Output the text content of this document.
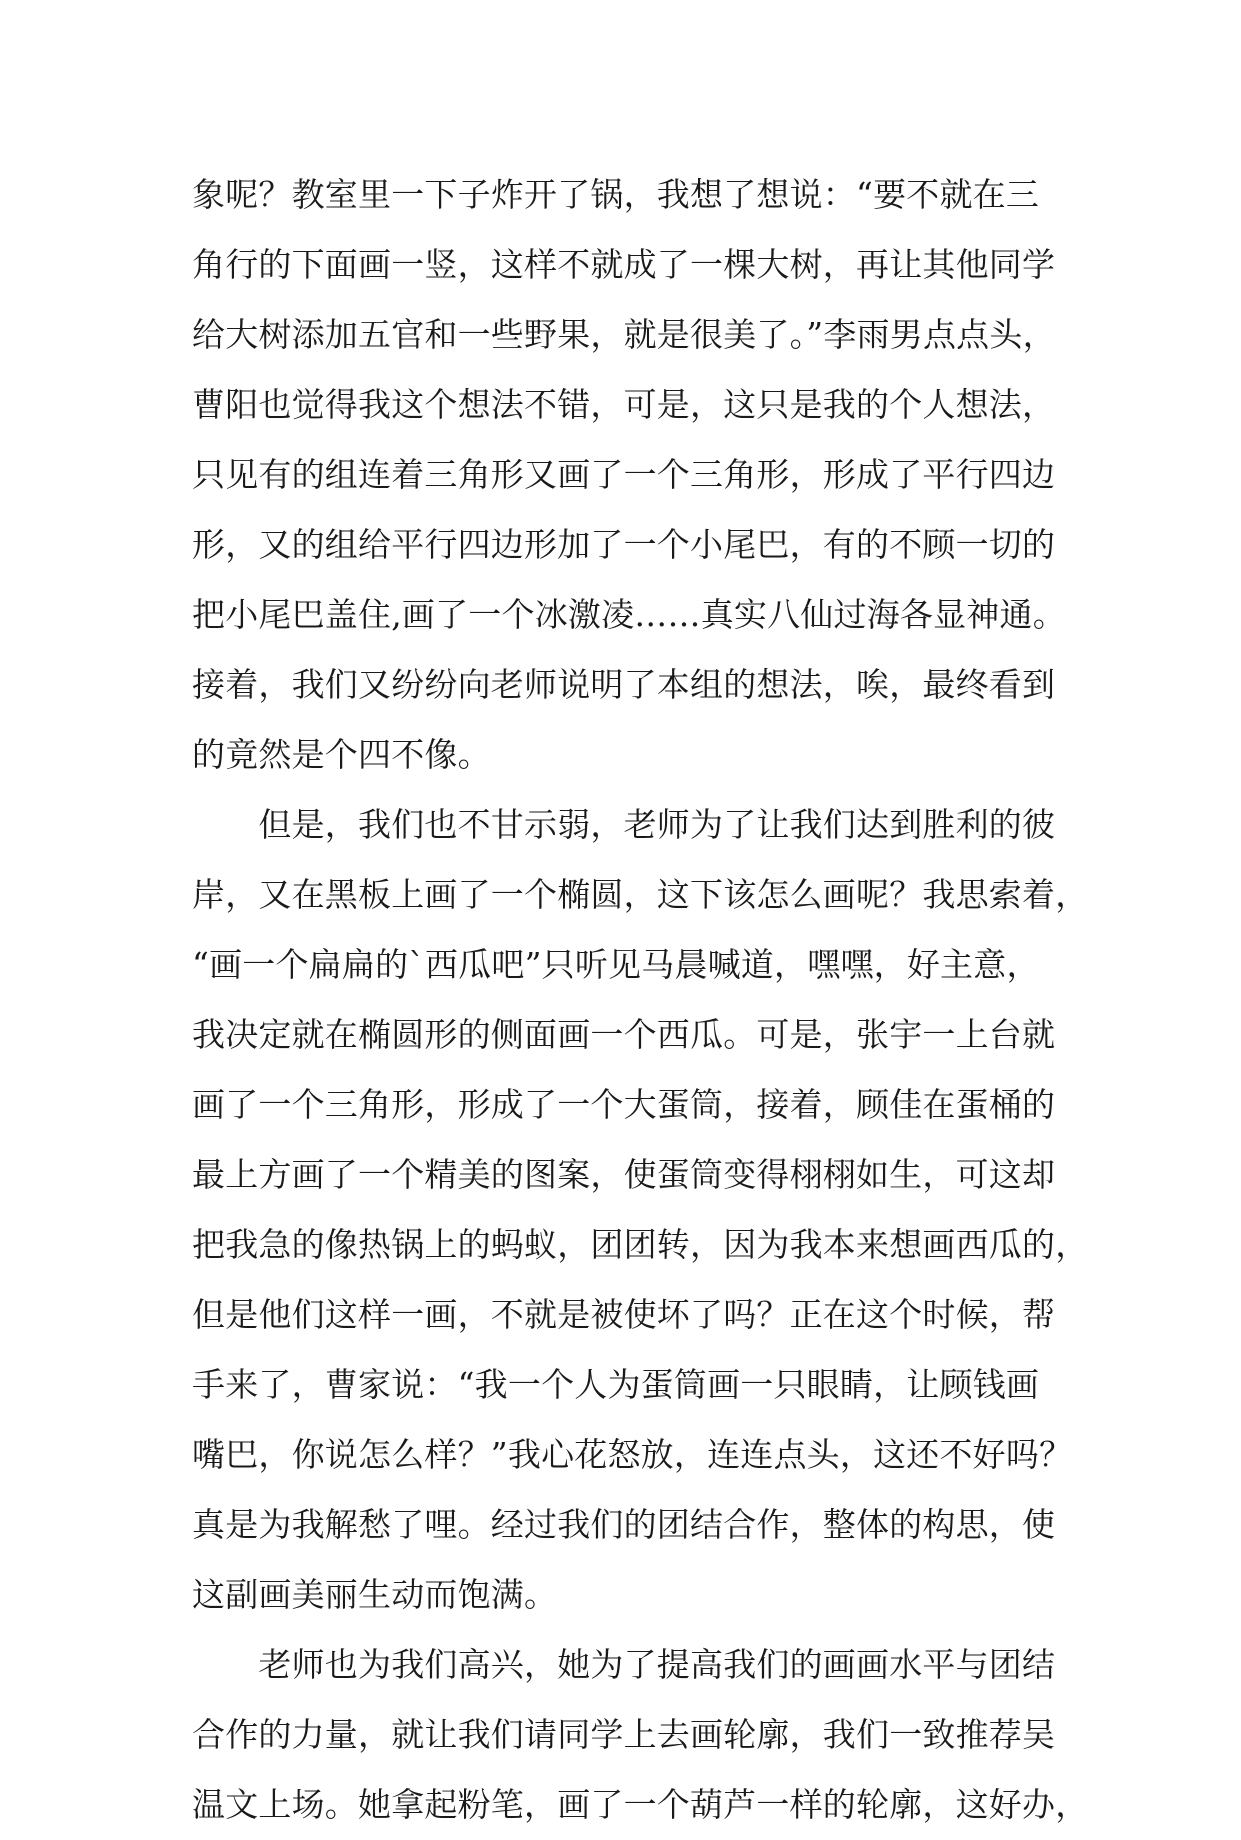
象呢？教室里一下子炸开了锅，我想了想说：“要不就在三
角行的下面画一竖，这样不就成了一棵大树，再让其他同学
给大树添加五官和一些野果，就是很美了。”李雨男点点头，
曹阳也觉得我这个想法不错，可是，这只是我的个人想法，
只见有的组连着三角形又画了一个三角形，形成了平行四边
形，又的组给平行四边形加了一个小尾巴，有的不顾一切的
把小尾巴盖住,画了一个冰激凌……真实八仙过海各显神通。
接着，我们又纷纷向老师说明了本组的想法，唉，最终看到
的竟然是个四不像。
　　但是，我们也不甘示弱，老师为了让我们达到胜利的彼
岸，又在黑板上画了一个椭圆，这下该怎么画呢？我思索着，
“画一个扁扁的`西瓜吧”只听见马晨喊道，嘿嘿，好主意，
我决定就在椭圆形的侧面画一个西瓜。可是，张宇一上台就
画了一个三角形，形成了一个大蛋筒，接着，顾佳在蛋桶的
最上方画了一个精美的图案，使蛋筒变得栩栩如生，可这却
把我急的像热锅上的蚂蚁，团团转，因为我本来想画西瓜的，
但是他们这样一画，不就是被使坏了吗？正在这个时候，帮
手来了，曹家说：“我一个人为蛋筒画一只眼睛，让顾钱画
嘴巴，你说怎么样？”我心花怒放，连连点头，这还不好吗？
真是为我解愁了哩。经过我们的团结合作，整体的构思，使
这副画美丽生动而饱满。
　　老师也为我们高兴，她为了提高我们的画画水平与团结
合作的力量，就让我们请同学上去画轮廓，我们一致推荐吴
温文上场。她拿起粉笔，画了一个葫芦一样的轮廓，这好办，
